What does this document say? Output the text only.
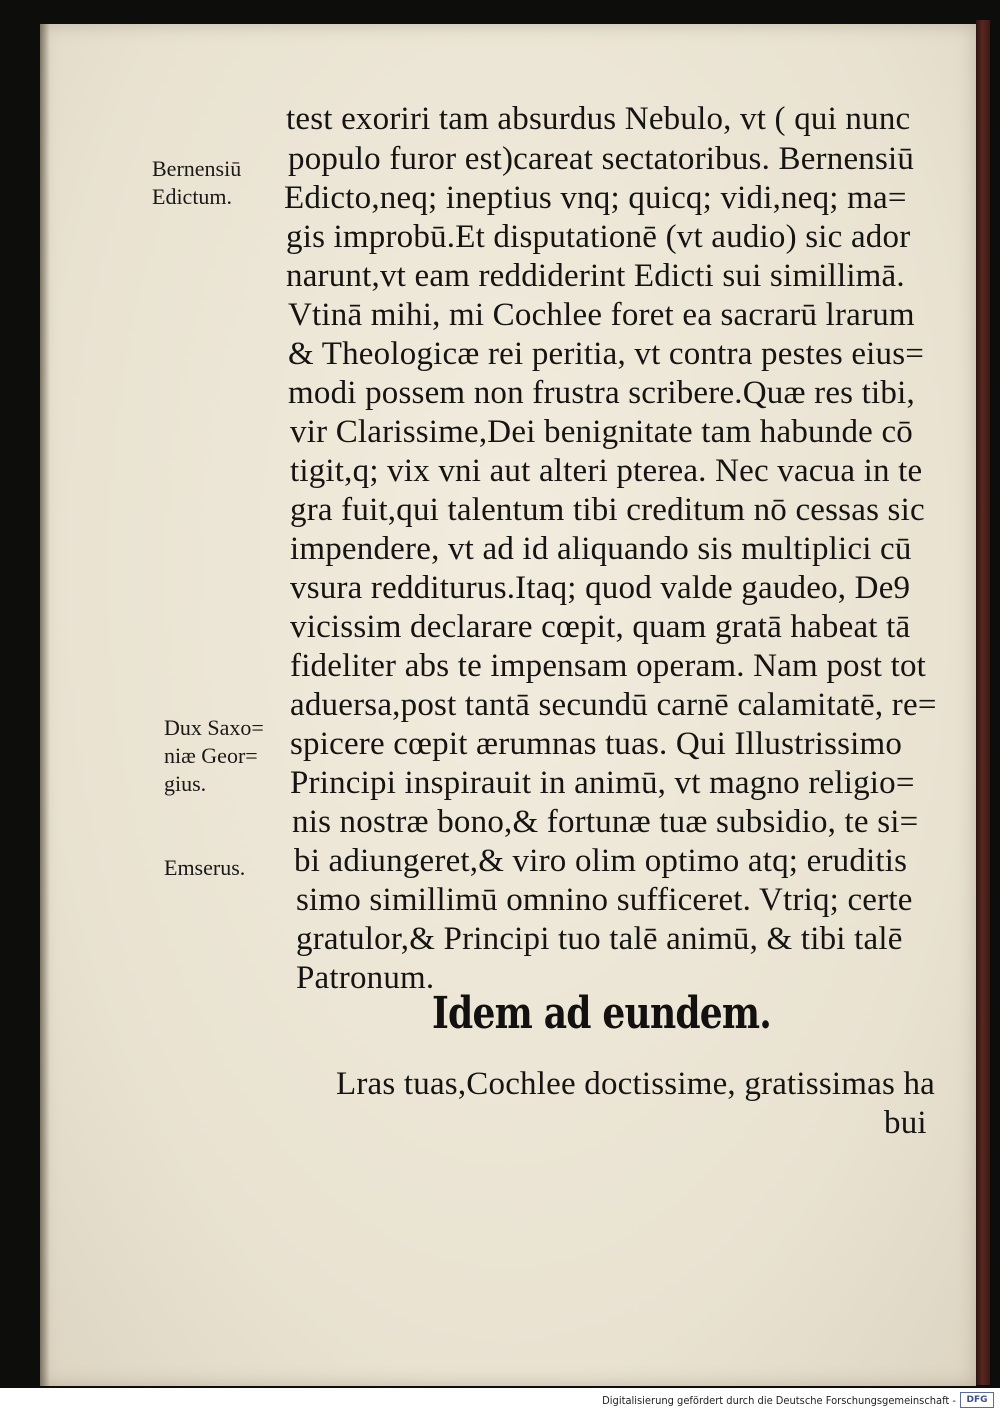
Bernensiū
Edictum.
Dux Saxo=
niæ Geor=
gius.
Emserus.
test exoriri tam absurdus Nebulo, vt ( qui nunc
populo furor est)careat sectatoribus. Bernensiū
Edicto,neq; ineptius vnq; quicq; vidi,neq; ma=
gis improbū.Et disputationē (vt audio) sic ador
narunt,vt eam reddiderint Edicti sui simillimā.
Vtinā mihi, mi Cochlee foret ea sacrarū lrarum
& Theologicæ rei peritia, vt contra pestes eius=
modi possem non frustra scribere.Quæ res tibi,
vir Clarissime,Dei benignitate tam habunde cō
tigit,q; vix vni aut alteri pterea. Nec vacua in te
gra fuit,qui talentum tibi creditum nō cessas sic
impendere, vt ad id aliquando sis multiplici cū
vsura redditurus.Itaq; quod valde gaudeo, De9
vicissim declarare cœpit, quam gratā habeat tā
fideliter abs te impensam operam. Nam post tot
aduersa,post tantā secundū carnē calamitatē, re=
spicere cœpit ærumnas tuas. Qui Illustrissimo
Principi inspirauit in animū, vt magno religio=
nis nostræ bono,& fortunæ tuæ subsidio, te si=
bi adiungeret,& viro olim optimo atq; eruditis
simo simillimū omnino sufficeret. Vtriq; certe
gratulor,& Principi tuo talē animū, & tibi talē
Patronum.
Idem ad eundem.
Lras tuas,Cochlee doctissime, gratissimas ha
bui
Digitalisierung gefördert durch die Deutsche Forschungsgemeinschaft -	DFG
